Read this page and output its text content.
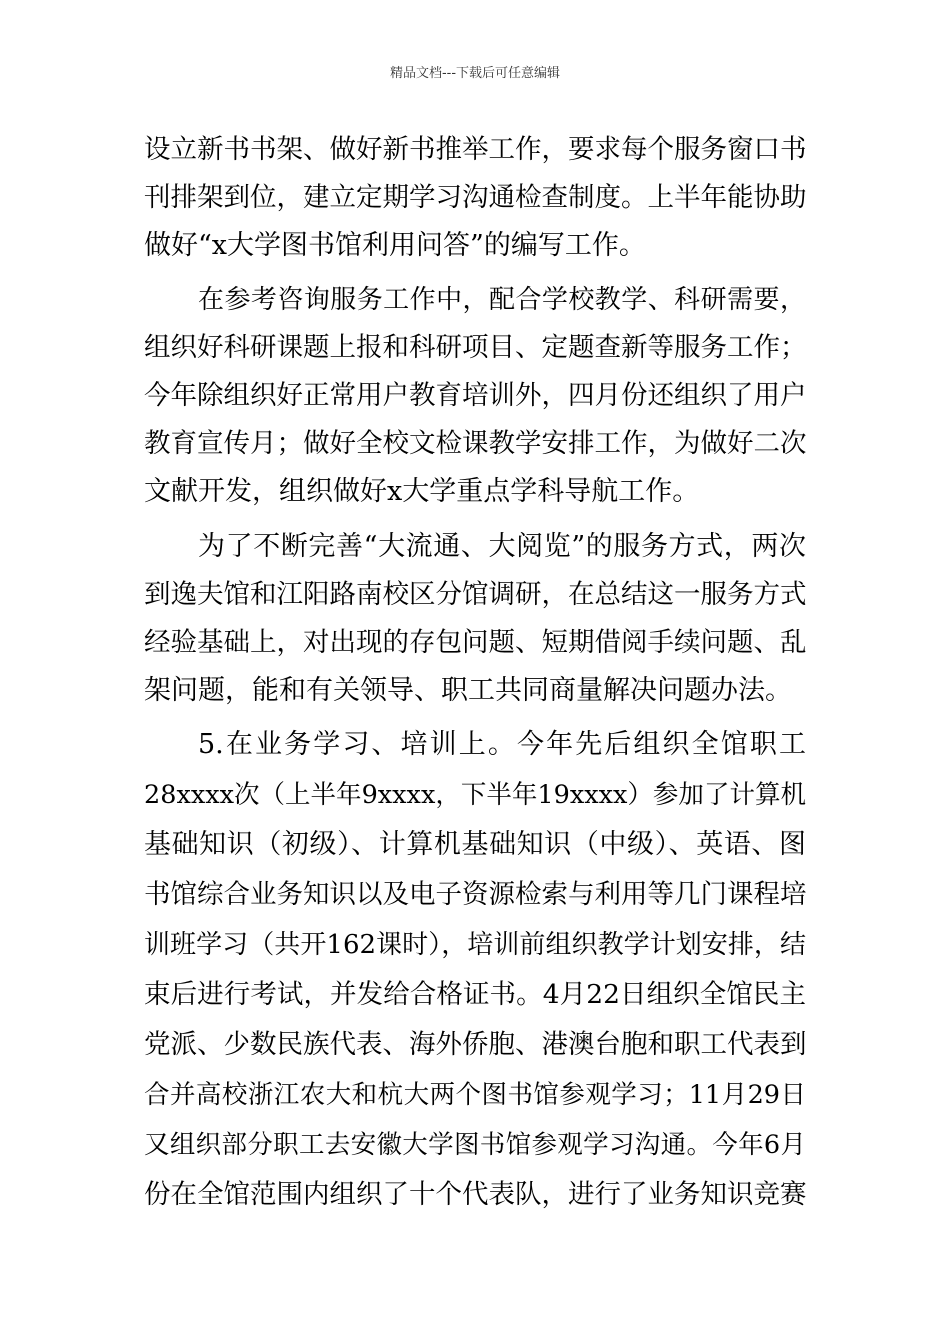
精品文档---下载后可任意编辑
设立新书书架、做好新书推举工作，要求每个服务窗口书
刊排架到位，建立定期学习沟通检查制度。上半年能协助
做好“x大学图书馆利用问答”的编写工作。
在参考咨询服务工作中，配合学校教学、科研需要，
组织好科研课题上报和科研项目、定题查新等服务工作；
今年除组织好正常用户教育培训外，四月份还组织了用户
教育宣传月；做好全校文检课教学安排工作，为做好二次
文献开发，组织做好x大学重点学科导航工作。
为了不断完善“大流通、大阅览”的服务方式，两次
到逸夫馆和江阳路南校区分馆调研，在总结这一服务方式
经验基础上，对出现的存包问题、短期借阅手续问题、乱
架问题，能和有关领导、职工共同商量解决问题办法。
5.在业务学习、培训上。今年先后组织全馆职工
28xxxx次（上半年9xxxx，下半年19xxxx）参加了计算机
基础知识（初级）、计算机基础知识（中级）、英语、图
书馆综合业务知识以及电子资源检索与利用等几门课程培
训班学习（共开162课时），培训前组织教学计划安排，结
束后进行考试，并发给合格证书。4月22日组织全馆民主
党派、少数民族代表、海外侨胞、港澳台胞和职工代表到
合并高校浙江农大和杭大两个图书馆参观学习；11月29日
又组织部分职工去安徽大学图书馆参观学习沟通。今年6月
份在全馆范围内组织了十个代表队，进行了业务知识竞赛
